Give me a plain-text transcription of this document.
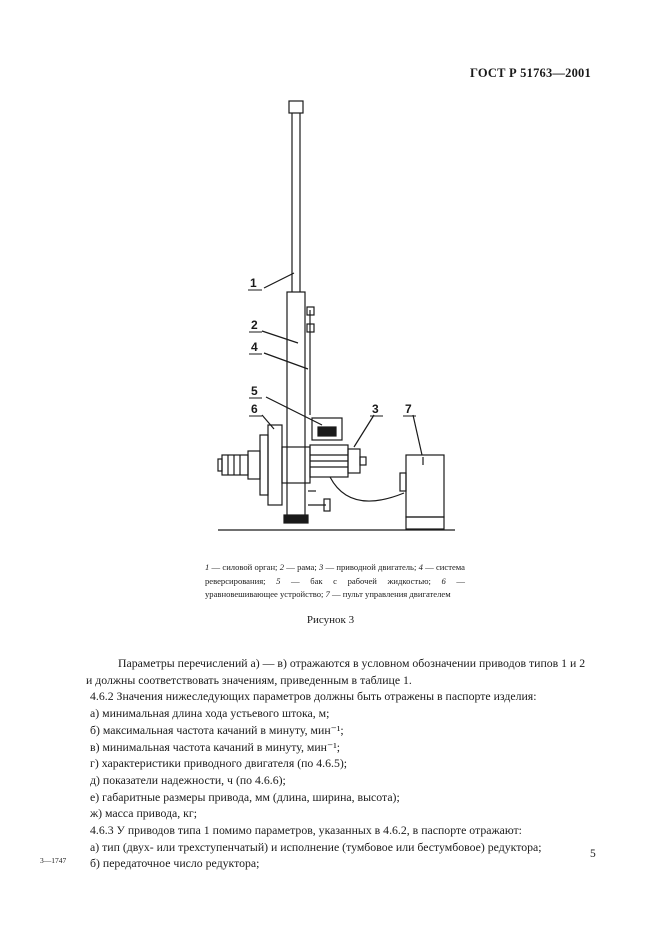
ГОСТ Р 51763—2001
1
2
4
5
6	3 7
1 — силовой орган; 2 — рама; 3 — приводной двигатель; 4 — система реверсирования; 5 — бак с рабочей жидкостью; 6 — уравновешивающее устройство; 7 — пульт управления двигателем
Рисунок 3

Параметры перечислений а) — в) отражаются в условном обозначении приводов типов 1 и 2

и должны соответствовать значениям, приведенным в таблице 1.

4.6.2 Значения нижеследующих параметров должны быть отражены в паспорте изделия:

а) минимальная длина хода устьевого штока, м;

б) максимальная частота качаний в минуту, мин⁻¹;

в) минимальная частота качаний в минуту, мин⁻¹;

г) характеристики приводного двигателя (по 4.6.5);

д) показатели надежности, ч (по 4.6.6);

е) габаритные размеры привода, мм (длина, ширина, высота);

ж) масса привода, кг;

4.6.3 У приводов типа 1 помимо параметров, указанных в 4.6.2, в паспорте отражают:

а) тип (двух- или трехступенчатый) и исполнение (тумбовое или бестумбовое) редуктора;

б) передаточное число редуктора;

3—1747
5
